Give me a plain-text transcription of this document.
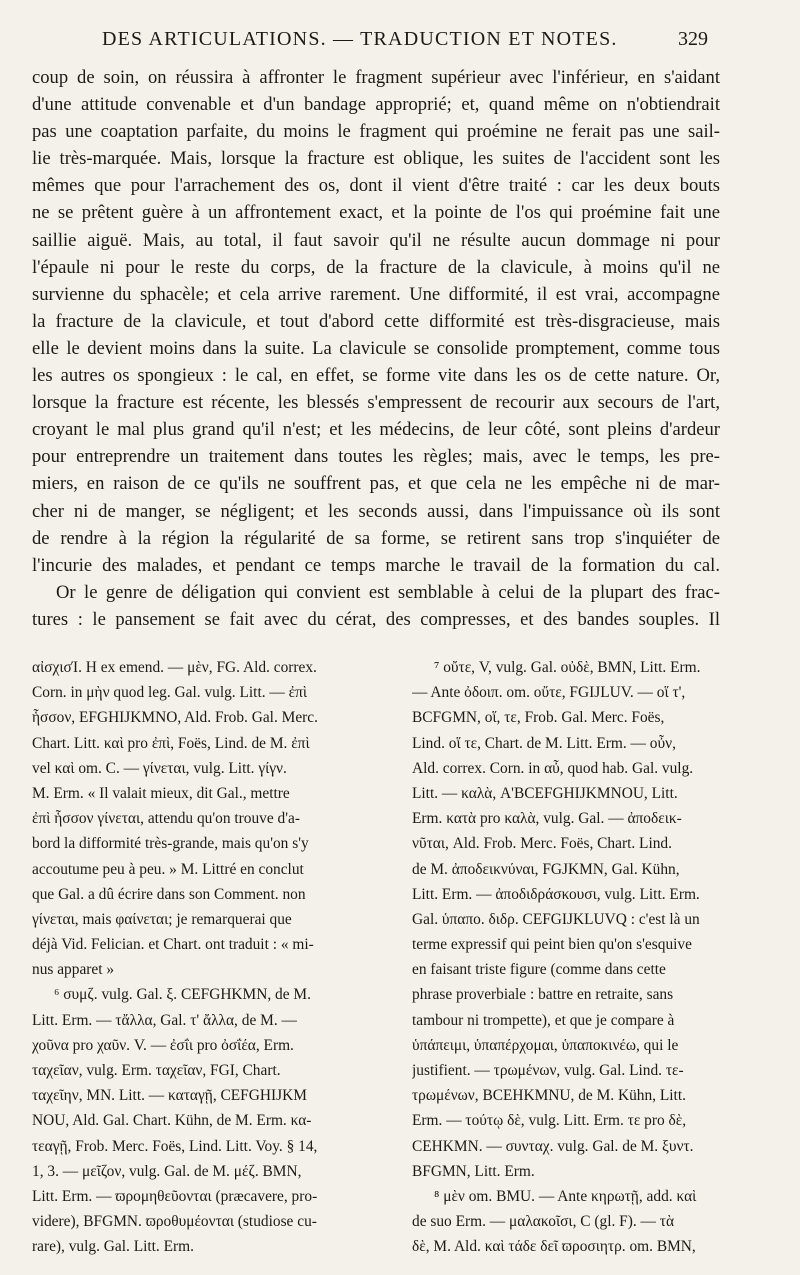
DES ARTICULATIONS. — TRADUCTION ET NOTES.	329
coup de soin, on réussira à affronter le fragment supérieur avec l'inférieur, en s'aidant
d'une attitude convenable et d'un bandage approprié; et, quand même on n'obtiendrait
pas une coaptation parfaite, du moins le fragment qui proémine ne ferait pas une sail-
lie très-marquée. Mais, lorsque la fracture est oblique, les suites de l'accident sont les
mêmes que pour l'arrachement des os, dont il vient d'être traité : car les deux bouts
ne se prêtent guère à un affrontement exact, et la pointe de l'os qui proémine fait une
saillie aiguë. Mais, au total, il faut savoir qu'il ne résulte aucun dommage ni pour
l'épaule ni pour le reste du corps, de la fracture de la clavicule, à moins qu'il ne
survienne du sphacèle; et cela arrive rarement. Une difformité, il est vrai, accompagne
la fracture de la clavicule, et tout d'abord cette difformité est très-disgracieuse, mais
elle le devient moins dans la suite. La clavicule se consolide promptement, comme tous
les autres os spongieux : le cal, en effet, se forme vite dans les os de cette nature. Or,
lorsque la fracture est récente, les blessés s'empressent de recourir aux secours de l'art,
croyant le mal plus grand qu'il n'est; et les médecins, de leur côté, sont pleins d'ardeur
pour entreprendre un traitement dans toutes les règles; mais, avec le temps, les pre-
miers, en raison de ce qu'ils ne souffrent pas, et que cela ne les empêche ni de mar-
cher ni de manger, se négligent; et les seconds aussi, dans l'impuissance où ils sont
de rendre à la région la régularité de sa forme, se retirent sans trop s'inquiéter de
l'incurie des malades, et pendant ce temps marche le travail de la formation du cal.
Or le genre de déligation qui convient est semblable à celui de la plupart des frac-
tures : le pansement se fait avec du cérat, des compresses, et des bandes souples. Il
αἰσχισΊ. H ex emend. — μὲν, FG. Ald. correx.
Corn. in μὴν quod leg. Gal. vulg. Litt. — ἐπὶ
ἧσσον, EFGHIJKMNO, Ald. Frob. Gal. Merc.
Chart. Litt. καὶ pro ἐπὶ, Foës, Lind. de M. ἐπὶ
vel καὶ om. C. — γίνεται, vulg. Litt. γίγν.
M. Erm. « Il valait mieux, dit Gal., mettre
ἐπὶ ἧσσον γίνεται, attendu qu'on trouve d'a-
bord la difformité très-grande, mais qu'on s'y
accoutume peu à peu. » M. Littré en conclut
que Gal. a dû écrire dans son Comment. non
γίνεται, mais φαίνεται; je remarquerai que
déjà Vid. Felician. et Chart. ont traduit : « mi-
nus apparet »
⁶ συμζ. vulg. Gal. ξ. CEFGHKMN, de M.
Litt. Erm. — τἄλλα, Gal. τ' ἄλλα, de M. —
χοῦνα pro χαῦν. V. — ἐσΐι pro ὀσΐέα, Erm.
ταχεῖαν, vulg. Erm. ταχεῖαν, FGI, Chart.
ταχεῖην, MN. Litt. — καταγῇ, CEFGHIJKM
NOU, Ald. Gal. Chart. Kühn, de M. Erm. κα-
τεαγῇ, Frob. Merc. Foës, Lind. Litt. Voy. § 14,
1, 3. — μεῖζον, vulg. Gal. de M. μέζ. BMN,
Litt. Erm. — ϖρομηθεῦονται (præcavere, pro-
videre), BFGMN. ϖροθυμέονται (studiose cu-
rare), vulg. Gal. Litt. Erm.
⁷ οὔτε, V, vulg. Gal. οὐδὲ, BMN, Litt. Erm.
— Ante ὀδοιπ. om. οὔτε, FGIJLUV. — οἵ τ',
BCFGMN, οἵ, τε, Frob. Gal. Merc. Foës,
Lind. οἵ τε, Chart. de M. Litt. Erm. — οὖν,
Ald. correx. Corn. in αὖ, quod hab. Gal. vulg.
Litt. — καλὰ, A'BCEFGHIJKMNOU, Litt.
Erm. κατὰ pro καλὰ, vulg. Gal. — ἀποδεικ-
νῦται, Ald. Frob. Merc. Foës, Chart. Lind.
de M. ἀποδεικνύναι, FGJKMN, Gal. Kühn,
Litt. Erm. — ἀποδιδράσκουσι, vulg. Litt. Erm.
Gal. ὑπαπο. διδρ. CEFGIJKLUVQ : c'est là un
terme expressif qui peint bien qu'on s'esquive
en faisant triste figure (comme dans cette
phrase proverbiale : battre en retraite, sans
tambour ni trompette), et que je compare à
ὑπάπειμι, ὑπαπέρχομαι, ὑπαποκινέω, qui le
justifient. — τρωμένων, vulg. Gal. Lind. τε-
τρωμένων, BCEHKMNU, de M. Kühn, Litt.
Erm. — τούτῳ δὲ, vulg. Litt. Erm. τε pro δὲ,
CEHKMN. — συνταχ. vulg. Gal. de M. ξυντ.
BFGMN, Litt. Erm.
⁸ μὲν om. BMU. — Ante κηρωτῇ, add. καὶ
de suo Erm. — μαλακοῖσι, C (gl. F). — τὰ
δὲ, M. Ald. καὶ τάδε δεῖ ϖροσιητρ. om. BMN,
